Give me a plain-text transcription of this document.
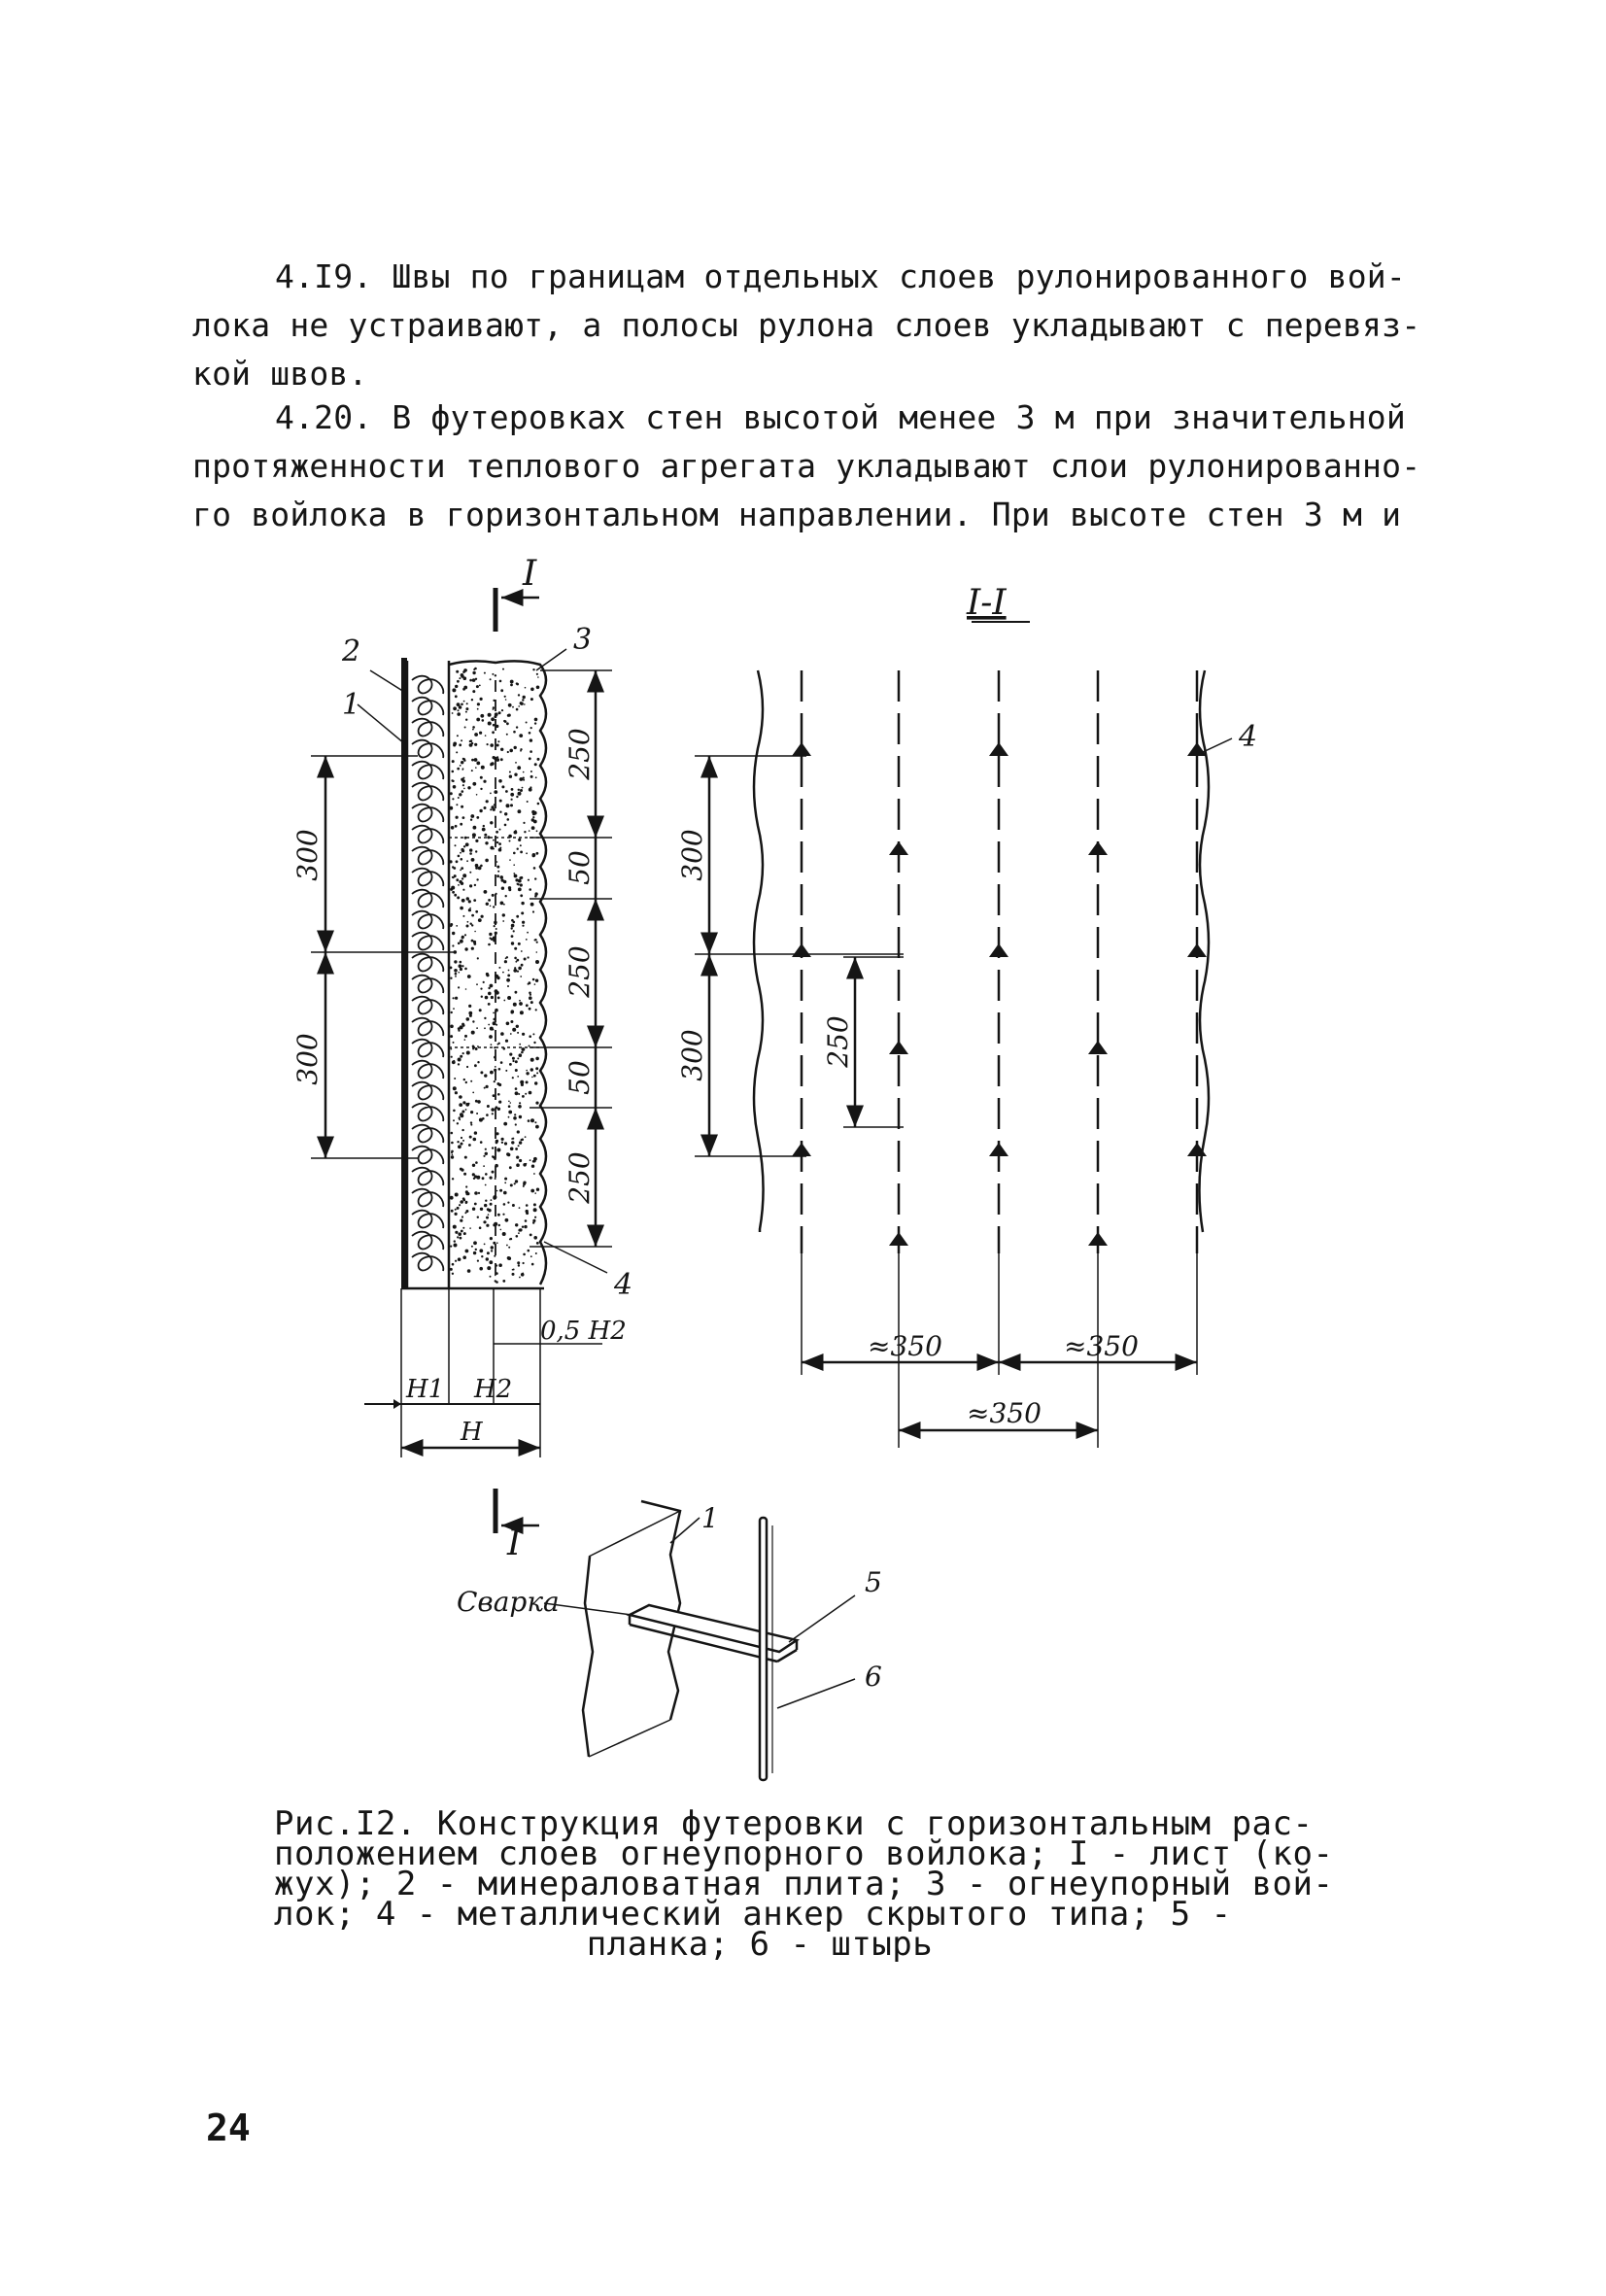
4.I9. Швы по границам отдельных слоев рулонированного вой-
лока не устраивают, а полосы рулона слоев укладывают с перевяз-
кой швов.
4.20. В футеровках стен высотой менее 3 м при значительной
протяженности теплового агрегата укладывают слои рулонированно-
го войлока в горизонтальном направлении. При высоте стен 3 м и
I
I
I-I
2
1
3
4
4
300
300
250
50
250
50
250
0,5 H2
H1 H2
H
300
300	250
≈350	≈350
≈350
Сварка
1
5
6
Рис.I2. Конструкция футеровки с горизонтальным рас-
положением слоев огнеупорного войлока; I - лист (ко-
жух); 2 - минераловатная плита; 3 - огнеупорный вой-
лок; 4 - металлический анкер скрытого типа; 5 -
планка; 6 - штырь
24
